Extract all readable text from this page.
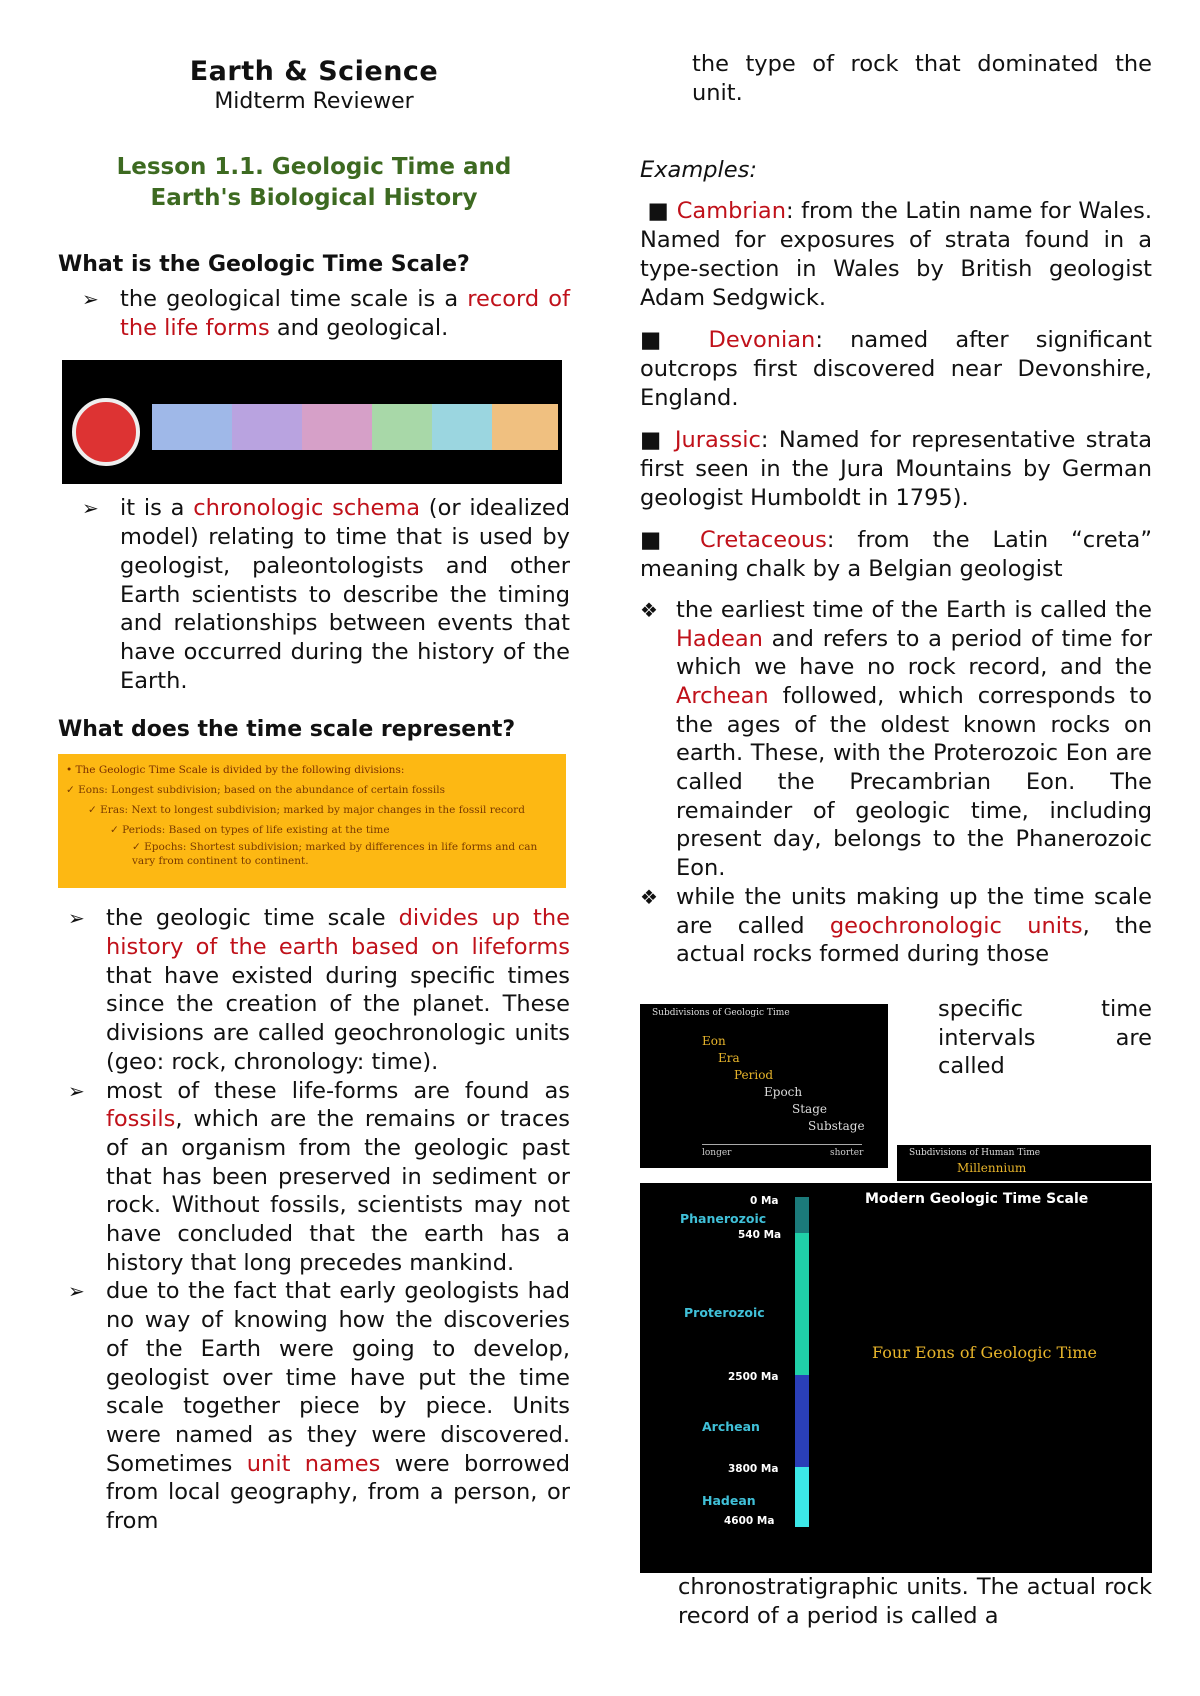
Earth & Science
Midterm Reviewer
Lesson 1.1. Geologic Time and
Earth's Biological History
What is the Geologic Time Scale?

➢ the geological time scale is a record of the life forms and geological.

➢ it is a chronologic schema (or idealized model) relating to time that is used by geologist, paleontologists and other Earth scientists to describe the timing and relationships between events that have occurred during the history of the Earth.

What does the time scale represent?
• The Geologic Time Scale is divided by the following divisions:
✓ Eons: Longest subdivision; based on the abundance of certain fossils
✓ Eras: Next to longest subdivision; marked by major changes in the fossil record
✓ Periods: Based on types of life existing at the time
✓ Epochs: Shortest subdivision; marked by differences in life forms and can vary from continent to continent.

➢ the geologic time scale divides up the history of the earth based on lifeforms that have existed during specific times since the creation of the planet. These divisions are called geochronologic units (geo: rock, chronology: time).

➢ most of these life-forms are found as fossils, which are the remains or traces of an organism from the geologic past that has been preserved in sediment or rock. Without fossils, scientists may not have concluded that the earth has a history that long precedes mankind.

➢ due to the fact that early geologists had no way of knowing how the discoveries of the Earth were going to develop, geologist over time have put the time scale together piece by piece. Units were named as they were discovered. Sometimes unit names were borrowed from local geography, from a person, or from

the type of rock that dominated the unit.

Examples:

■ Cambrian: from the Latin name for Wales. Named for exposures of strata found in a type-section in Wales by British geologist Adam Sedgwick.

■ Devonian: named after significant outcrops first discovered near Devonshire, England.

■ Jurassic: Named for representative strata first seen in the Jura Mountains by German geologist Humboldt in 1795).

■ Cretaceous: from the Latin “creta” meaning chalk by a Belgian geologist

❖ the earliest time of the Earth is called the Hadean and refers to a period of time for which we have no rock record, and the Archean followed, which corresponds to the ages of the oldest known rocks on earth. These, with the Proterozoic Eon are called the Precambrian Eon. The remainder of geologic time, including present day, belongs to the Phanerozoic Eon.

❖ while the units making up the time scale are called geochronologic units, the actual rocks formed during those

Subdivisions of Geologic Time
Eon
Era
Period
Epoch
Stage
Substage
longer	shorter
specific time intervals are called
Subdivisions of Human Time
Millennium
Modern Geologic Time Scale
Four Eons of Geologic Time
0 Ma
Phanerozoic
540 Ma
Proterozoic
2500 Ma
Archean
3800 Ma
Hadean
4600 Ma
chronostratigraphic units. The actual rock record of a period is called a
